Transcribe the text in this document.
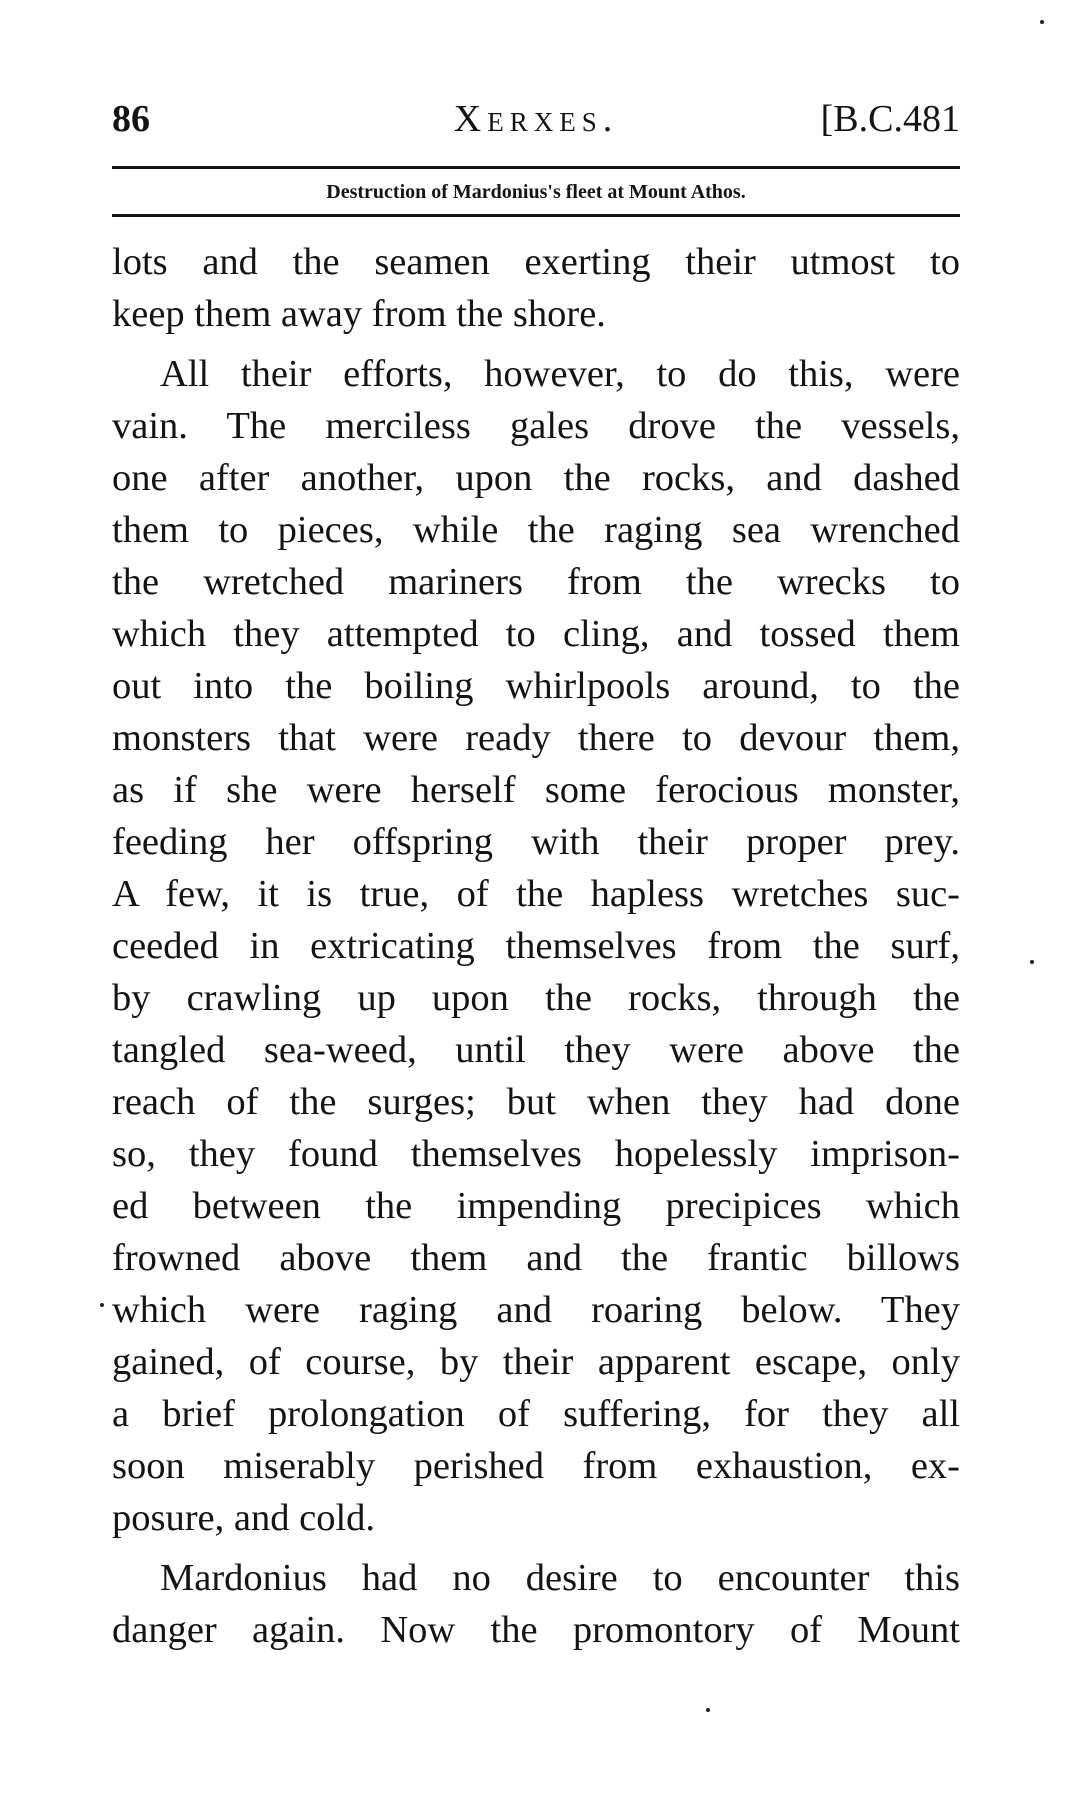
86	Xerxes.	[B.C.481
Destruction of Mardonius's fleet at Mount Athos.
lots and the seamen exerting their utmost to
keep them away from the shore.
All their efforts, however, to do this, were
vain. The merciless gales drove the vessels,
one after another, upon the rocks, and dashed
them to pieces, while the raging sea wrenched
the wretched mariners from the wrecks to
which they attempted to cling, and tossed them
out into the boiling whirlpools around, to the
monsters that were ready there to devour them,
as if she were herself some ferocious monster,
feeding her offspring with their proper prey.
A few, it is true, of the hapless wretches suc-
ceeded in extricating themselves from the surf,
by crawling up upon the rocks, through the
tangled sea-weed, until they were above the
reach of the surges; but when they had done
so, they found themselves hopelessly imprison-
ed between the impending precipices which
frowned above them and the frantic billows
which were raging and roaring below. They
gained, of course, by their apparent escape, only
a brief prolongation of suffering, for they all
soon miserably perished from exhaustion, ex-
posure, and cold.
Mardonius had no desire to encounter this
danger again. Now the promontory of Mount
